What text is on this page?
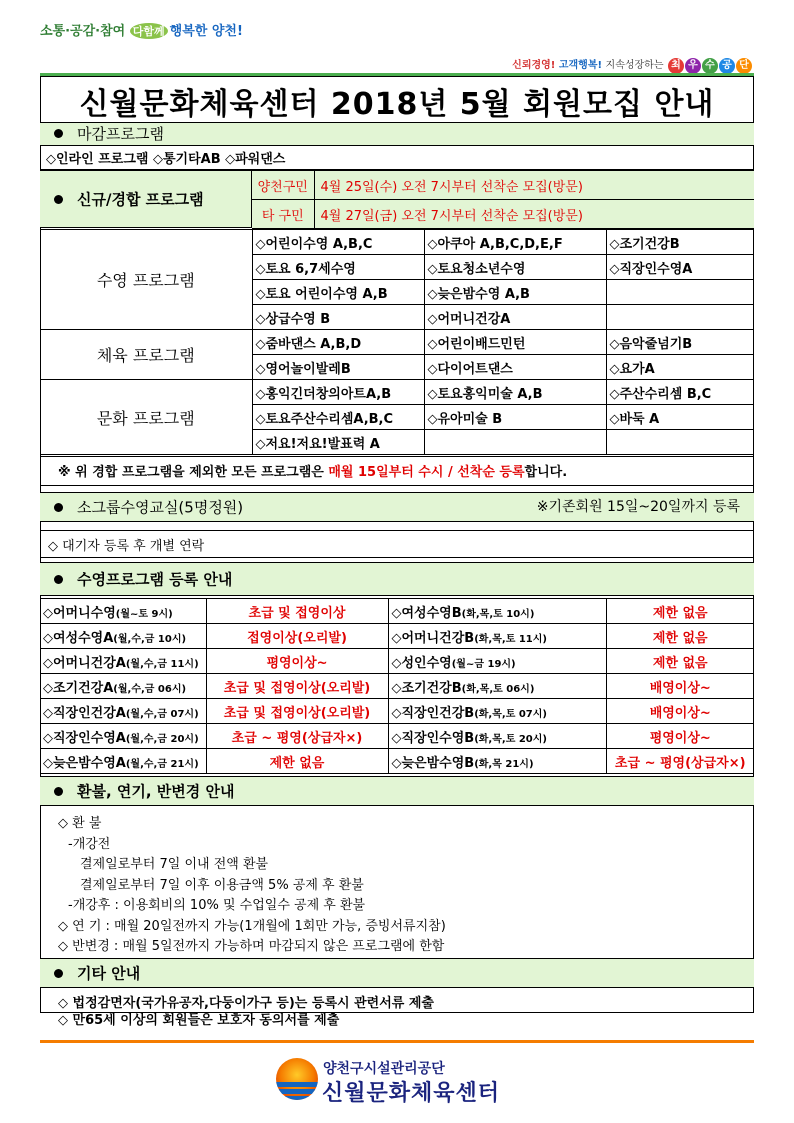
소통·공감·참여 다함께 행복한 양천!
신뢰경영! 고객행복! 지속성장하는 최 우 수 공 단
신월문화체육센터 2018년 5월 회원모집 안내
마감프로그램
◇인라인 프로그램 ◇통기타AB ◇파워댄스
신규/경합 프로그램
양천구민	4월 25일(수) 오전 7시부터 선착순 모집(방문)
타 구민	4월 27일(금) 오전 7시부터 선착순 모집(방문)
수영 프로그램	◇어린이수영 A,B,C	◇아쿠아 A,B,C,D,E,F	◇조기건강B
	◇토요 6,7세수영	◇토요청소년수영	◇직장인수영A
	◇토요 어린이수영 A,B	◇늦은밤수영 A,B	
	◇상급수영 B	◇어머니건강A	
체육 프로그램	◇줌바댄스 A,B,D	◇어린이배드민턴	◇음악줄넘기B
	◇영어놀이발레B	◇다이어트댄스	◇요가A
문화 프로그램	◇홍익긴더창의아트A,B	◇토요홍익미술 A,B	◇주산수리셈 B,C
	◇토요주산수리셈A,B,C	◇유아미술 B	◇바둑 A
	◇저요!저요!발표력 A		
※ 위 경합 프로그램을 제외한 모든 프로그램은 매월 15일부터 수시 / 선착순 등록합니다.
소그룹수영교실(5명정원)	※기존회원 15일~20일까지 등록
◇ 대기자 등록 후 개별 연락
수영프로그램 등록 안내
◇어머니수영(월~토 9시)	초급 및 접영이상	◇여성수영B(화,목,토 10시)	제한 없음
◇여성수영A(월,수,금 10시)	접영이상(오리발)	◇어머니건강B(화,목,토 11시)	제한 없음
◇어머니건강A(월,수,금 11시)	평영이상~	◇성인수영(월~금 19시)	제한 없음
◇조기건강A(월,수,금 06시)	초급 및 접영이상(오리발)	◇조기건강B(화,목,토 06시)	배영이상~
◇직장인건강A(월,수,금 07시)	초급 및 접영이상(오리발)	◇직장인건강B(화,목,토 07시)	배영이상~
◇직장인수영A(월,수,금 20시)	초급 ~ 평영(상급자×)	◇직장인수영B(화,목,토 20시)	평영이상~
◇늦은밤수영A(월,수,금 21시)	제한 없음	◇늦은밤수영B(화,목 21시)	초급 ~ 평영(상급자×)
환불, 연기, 반변경 안내
◇ 환 불
-개강전
결제일로부터 7일 이내 전액 환불
결제일로부터 7일 이후 이용금액 5% 공제 후 환불
-개강후 : 이용회비의 10% 및 수업일수 공제 후 환불
◇ 연 기 : 매월 20일전까지 가능(1개월에 1회만 가능, 증빙서류지참)
◇ 반변경 : 매월 5일전까지 가능하며 마감되지 않은 프로그램에 한함
기타 안내
◇ 법정감면자(국가유공자,다둥이가구 등)는 등록시 관련서류 제출
◇ 만65세 이상의 회원들은 보호자 동의서를 제출
양천구시설관리공단
신월문화체육센터
